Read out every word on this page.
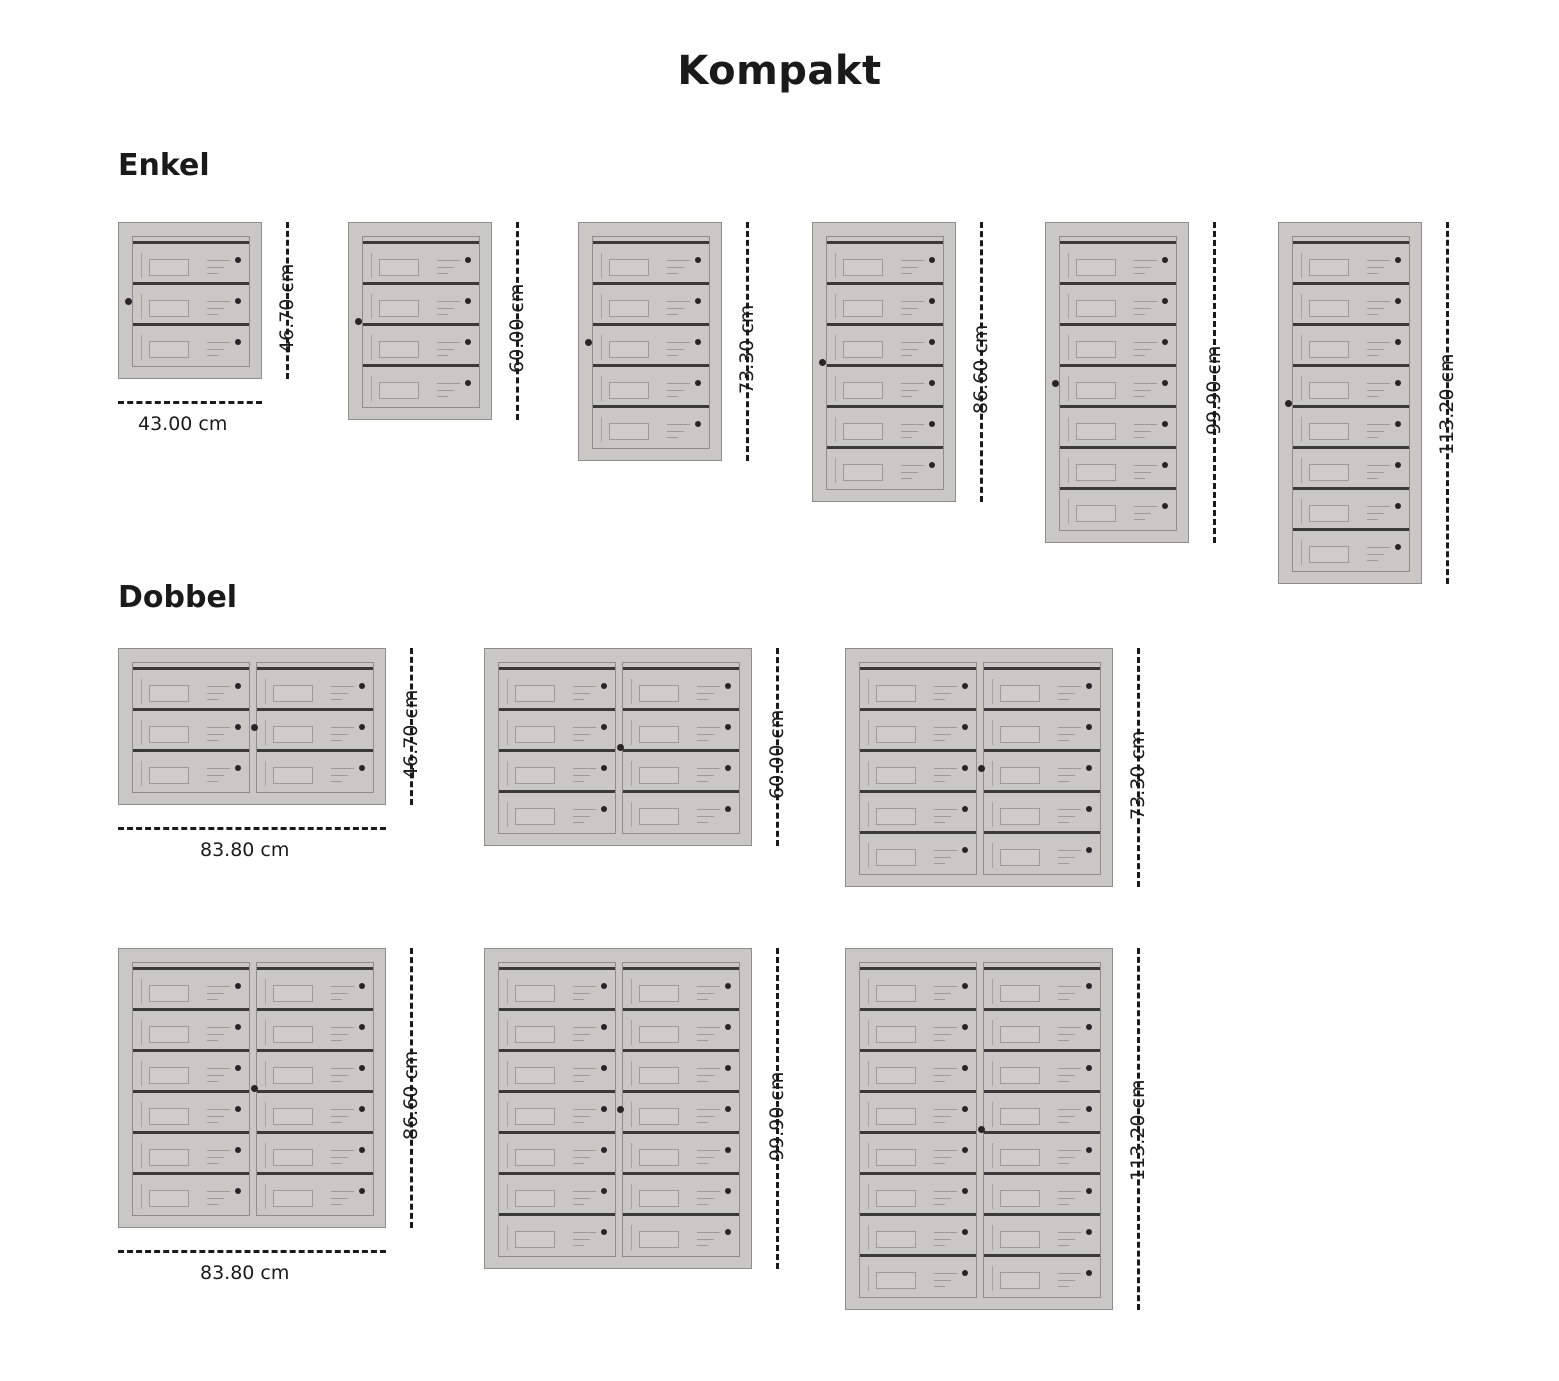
Kompakt
Enkel
46.70 cm
43.00 cm
60.00 cm	73.30 cm	86.60 cm	99.90 cm	113.20 cm
Dobbel
46.70 cm
83.80 cm
60.00 cm	73.30 cm
86.60 cm
83.80 cm
99.90 cm	113.20 cm
